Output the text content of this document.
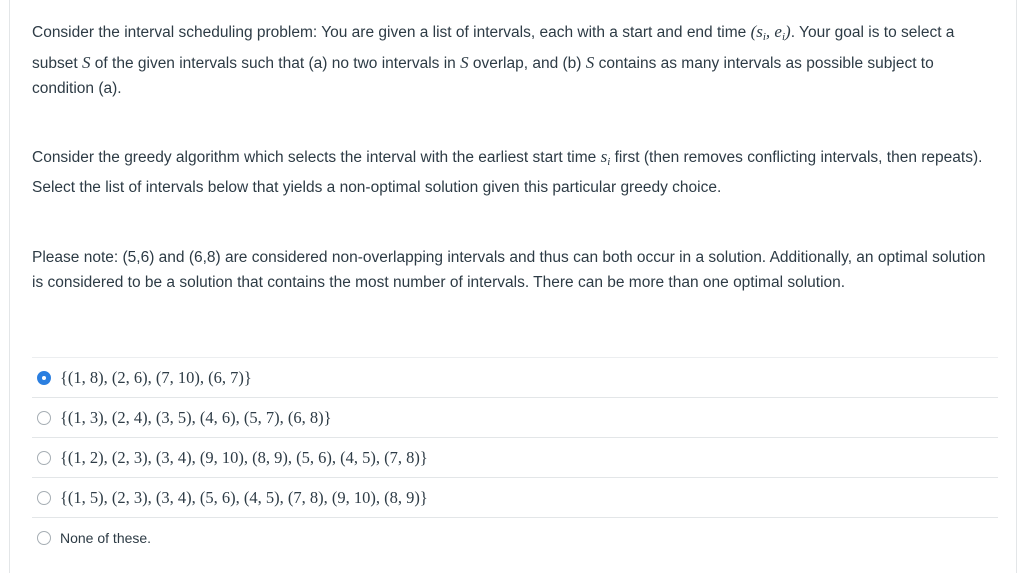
Consider the interval scheduling problem: You are given a list of intervals, each with a start and end time ($s_i$, $e_i$). Your goal is to select a subset S of the given intervals such that (a) no two intervals in S overlap, and (b) S contains as many intervals as possible subject to condition (a).

Consider the greedy algorithm which selects the interval with the earliest start time $s_i$ first (then removes conflicting intervals, then repeats). Select the list of intervals below that yields a non-optimal solution given this particular greedy choice.

Please note: (5,6) and (6,8) are considered non-overlapping intervals and thus can both occur in a solution. Additionally, an optimal solution is considered to be a solution that contains the most number of intervals. There can be more than one optimal solution.

{(1, 8), (2, 6), (7, 10), (6, 7)}
{(1, 3), (2, 4), (3, 5), (4, 6), (5, 7), (6, 8)}
{(1, 2), (2, 3), (3, 4), (9, 10), (8, 9), (5, 6), (4, 5), (7, 8)}
{(1, 5), (2, 3), (3, 4), (5, 6), (4, 5), (7, 8), (9, 10), (8, 9)}
None of these.
